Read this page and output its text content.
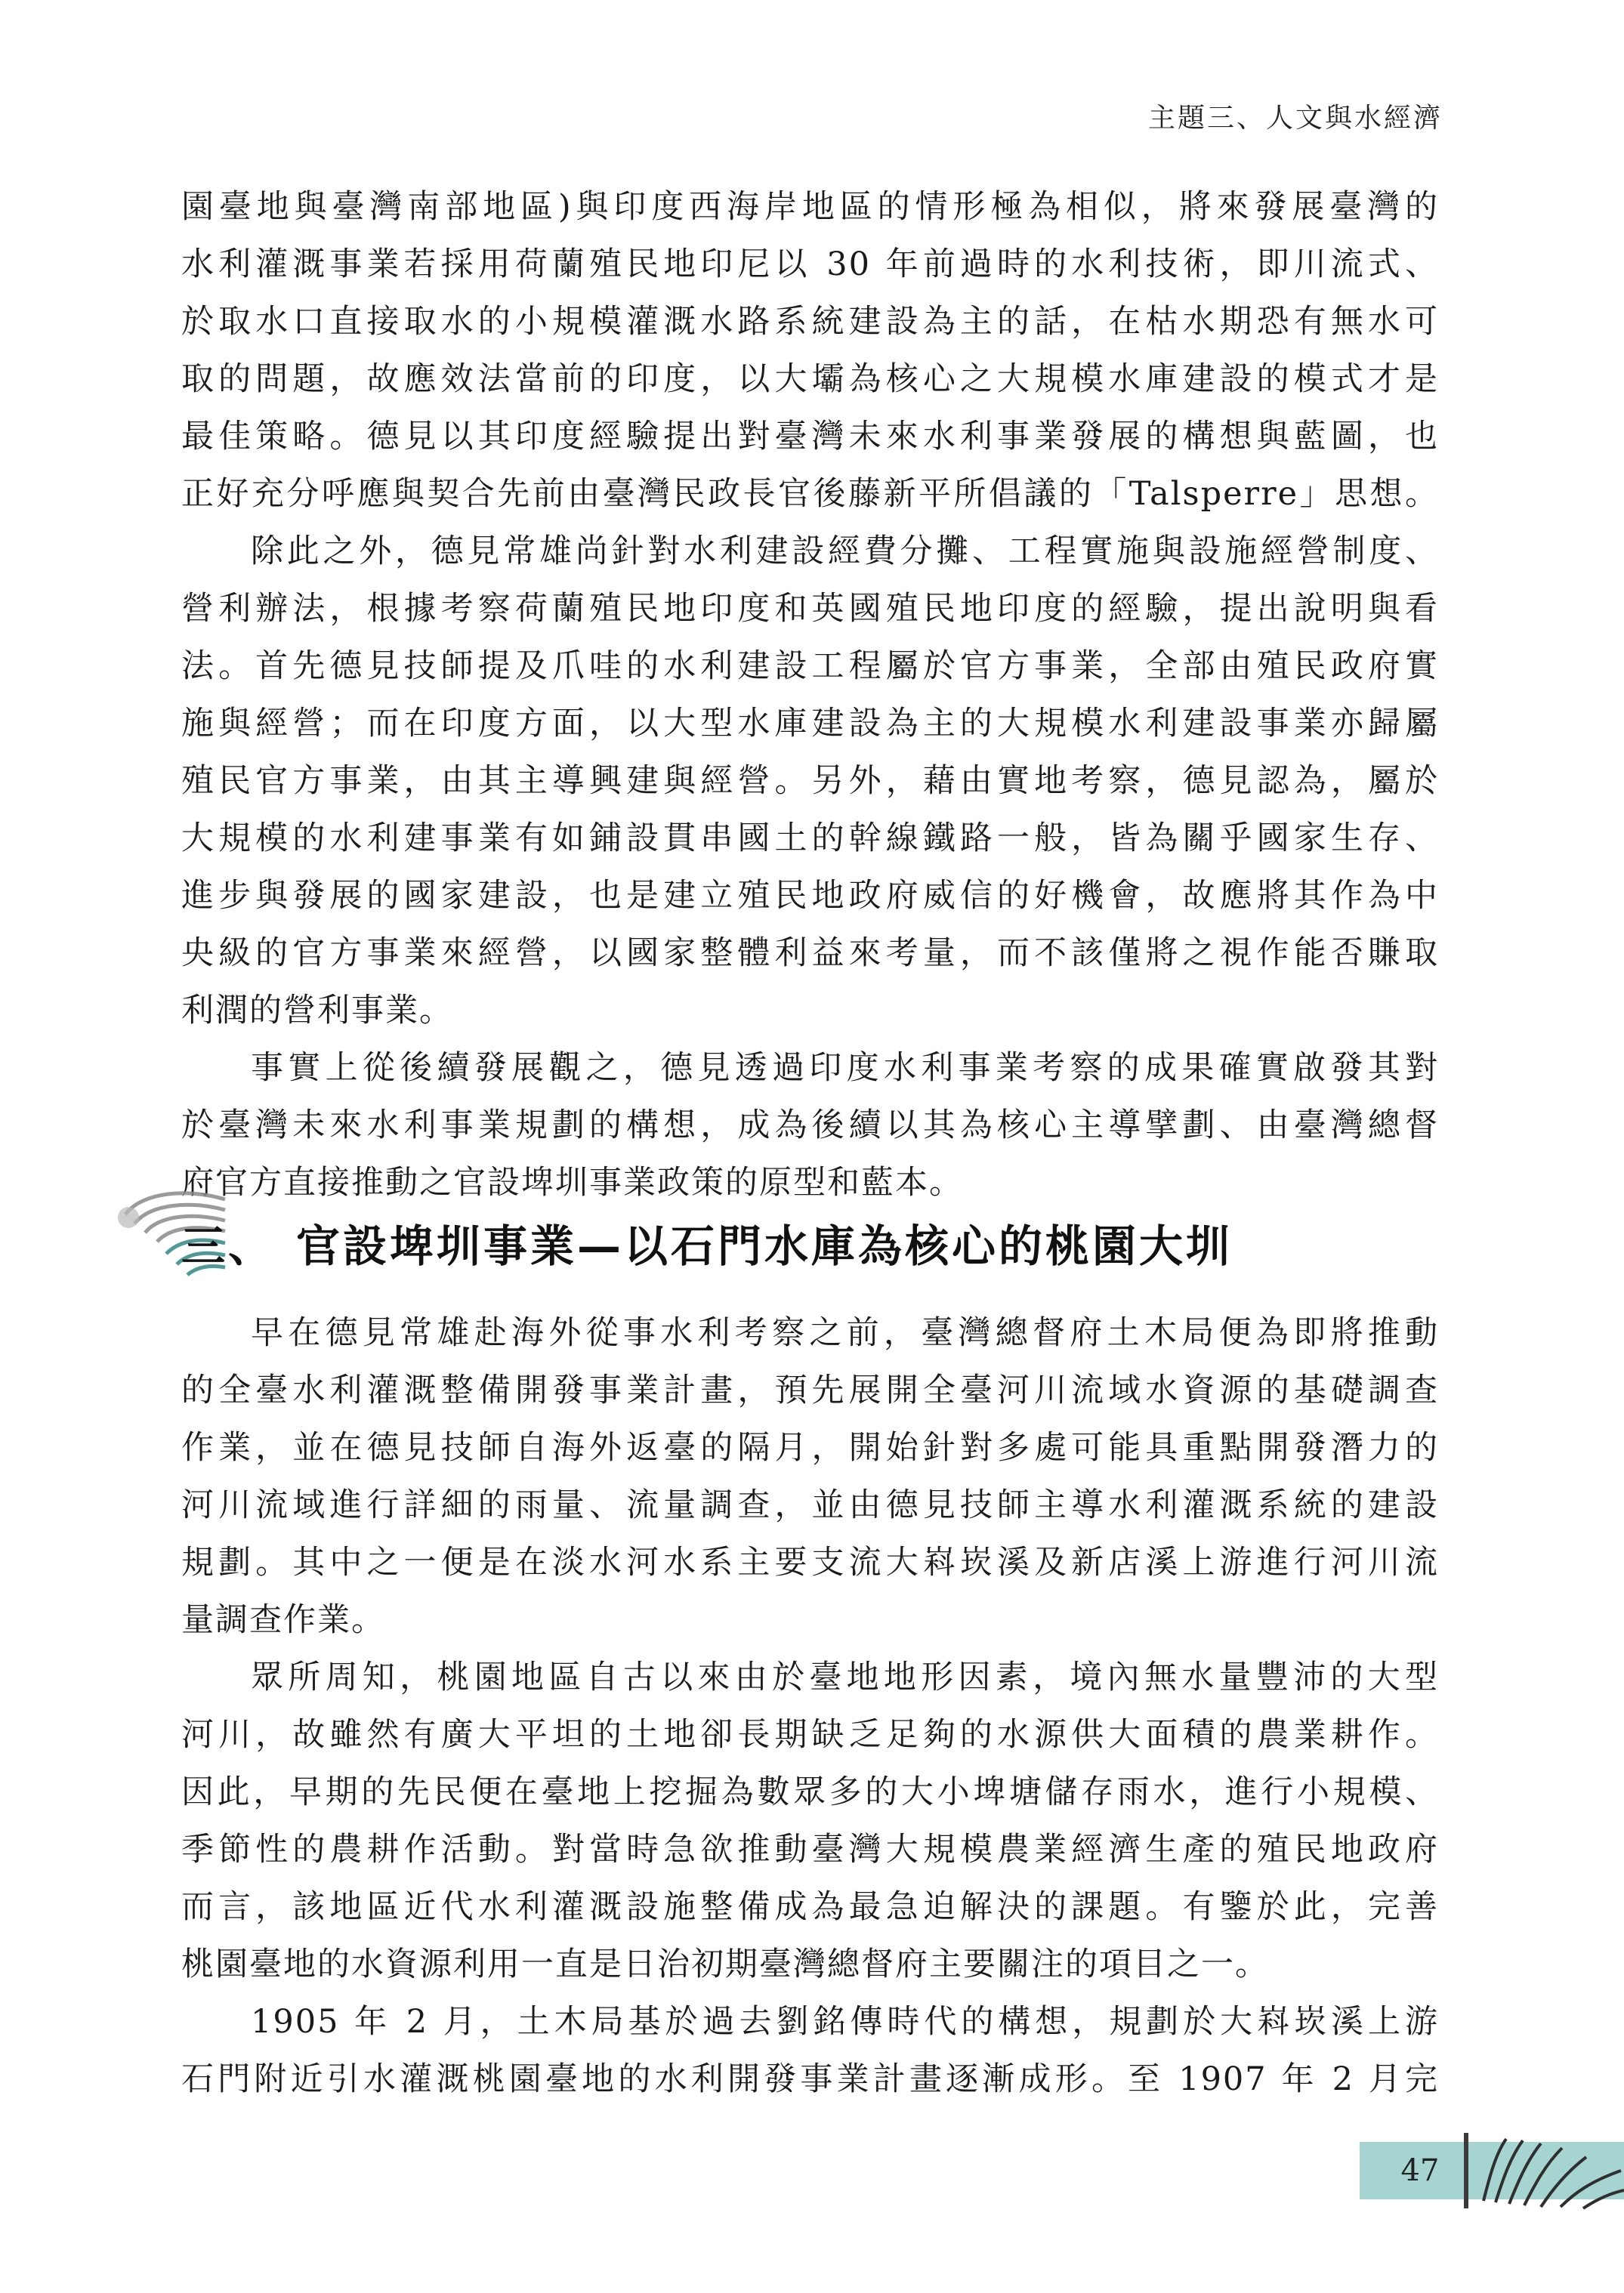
主題三、人文與水經濟
園臺地與臺灣南部地區)與印度西海岸地區的情形極為相似，將來發展臺灣的
水利灌溉事業若採用荷蘭殖民地印尼以 30 年前過時的水利技術，即川流式、
於取水口直接取水的小規模灌溉水路系統建設為主的話，在枯水期恐有無水可
取的問題，故應效法當前的印度，以大壩為核心之大規模水庫建設的模式才是
最佳策略。德見以其印度經驗提出對臺灣未來水利事業發展的構想與藍圖，也
正好充分呼應與契合先前由臺灣民政長官後藤新平所倡議的「Talsperre」思想。
除此之外，德見常雄尚針對水利建設經費分攤、工程實施與設施經營制度、
營利辦法，根據考察荷蘭殖民地印度和英國殖民地印度的經驗，提出說明與看
法。首先德見技師提及爪哇的水利建設工程屬於官方事業，全部由殖民政府實
施與經營；而在印度方面，以大型水庫建設為主的大規模水利建設事業亦歸屬
殖民官方事業，由其主導興建與經營。另外，藉由實地考察，德見認為，屬於
大規模的水利建事業有如鋪設貫串國土的幹線鐵路一般，皆為關乎國家生存、
進步與發展的國家建設，也是建立殖民地政府威信的好機會，故應將其作為中
央級的官方事業來經營，以國家整體利益來考量，而不該僅將之視作能否賺取
利潤的營利事業。
事實上從後續發展觀之，德見透過印度水利事業考察的成果確實啟發其對
於臺灣未來水利事業規劃的構想，成為後續以其為核心主導擘劃、由臺灣總督
府官方直接推動之官設埤圳事業政策的原型和藍本。
三、 官設埤圳事業—以石門水庫為核心的桃園大圳
早在德見常雄赴海外從事水利考察之前，臺灣總督府土木局便為即將推動
的全臺水利灌溉整備開發事業計畫，預先展開全臺河川流域水資源的基礎調查
作業，並在德見技師自海外返臺的隔月，開始針對多處可能具重點開發潛力的
河川流域進行詳細的雨量、流量調查，並由德見技師主導水利灌溉系統的建設
規劃。其中之一便是在淡水河水系主要支流大嵙崁溪及新店溪上游進行河川流
量調查作業。
眾所周知，桃園地區自古以來由於臺地地形因素，境內無水量豐沛的大型
河川，故雖然有廣大平坦的土地卻長期缺乏足夠的水源供大面積的農業耕作。
因此，早期的先民便在臺地上挖掘為數眾多的大小埤塘儲存雨水，進行小規模、
季節性的農耕作活動。對當時急欲推動臺灣大規模農業經濟生產的殖民地政府
而言，該地區近代水利灌溉設施整備成為最急迫解決的課題。有鑒於此，完善
桃園臺地的水資源利用一直是日治初期臺灣總督府主要關注的項目之一。
1905 年 2 月，土木局基於過去劉銘傳時代的構想，規劃於大嵙崁溪上游
石門附近引水灌溉桃園臺地的水利開發事業計畫逐漸成形。至 1907 年 2 月完
47
